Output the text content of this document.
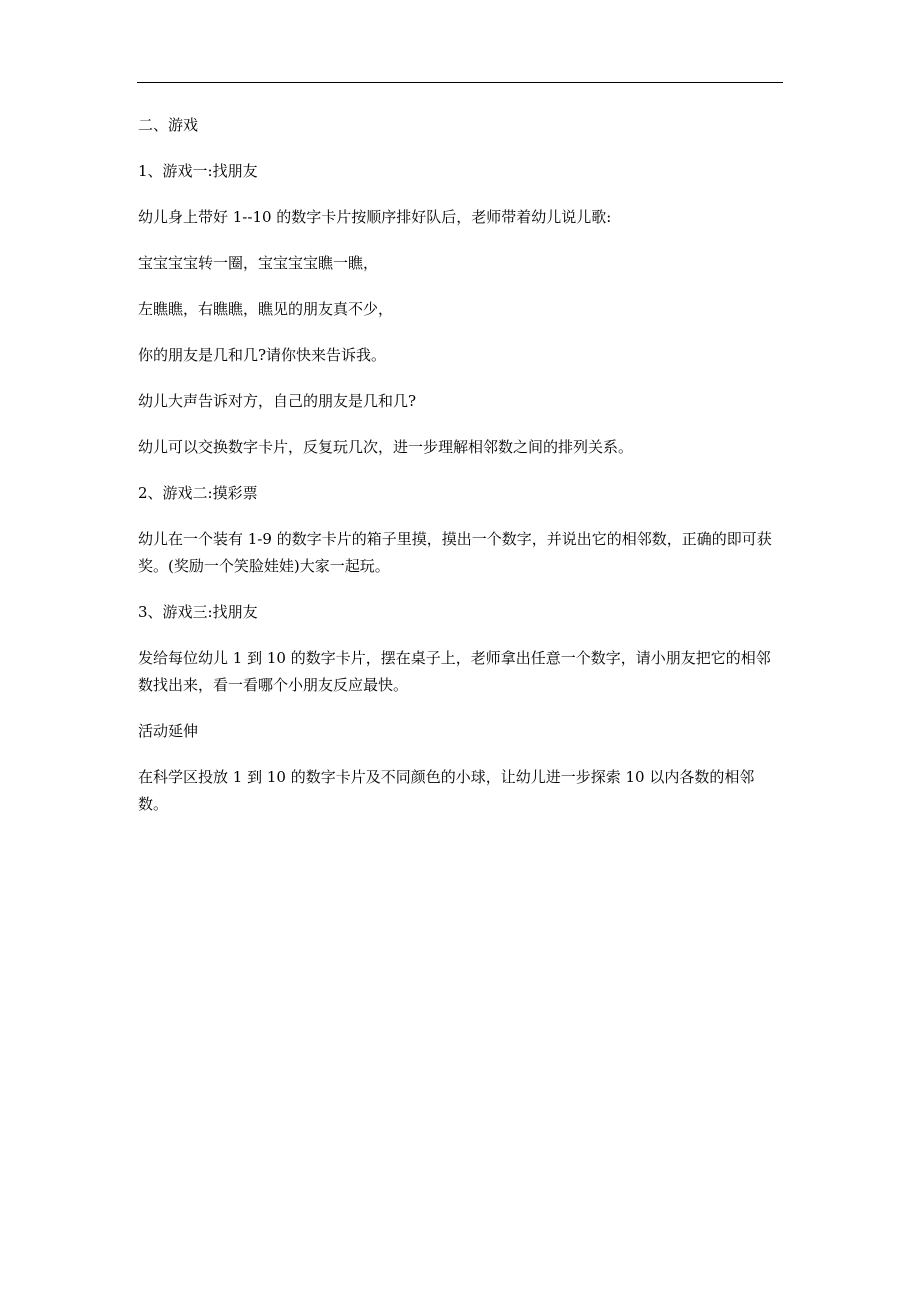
二、游戏

1、游戏一:找朋友

幼儿身上带好 1--10 的数字卡片按顺序排好队后，老师带着幼儿说儿歌:

宝宝宝宝转一圈，宝宝宝宝瞧一瞧，

左瞧瞧，右瞧瞧，瞧见的朋友真不少，

你的朋友是几和几?请你快来告诉我。

幼儿大声告诉对方，自己的朋友是几和几?

幼儿可以交换数字卡片，反复玩几次，进一步理解相邻数之间的排列关系。

2、游戏二:摸彩票

幼儿在一个装有 1-9 的数字卡片的箱子里摸，摸出一个数字，并说出它的相邻数，正确的即可获奖。(奖励一个笑脸娃娃)大家一起玩。

3、游戏三:找朋友

发给每位幼儿 1 到 10 的数字卡片，摆在桌子上，老师拿出任意一个数字，请小朋友把它的相邻数找出来，看一看哪个小朋友反应最快。

活动延伸

在科学区投放 1 到 10 的数字卡片及不同颜色的小球，让幼儿进一步探索 10 以内各数的相邻数。
